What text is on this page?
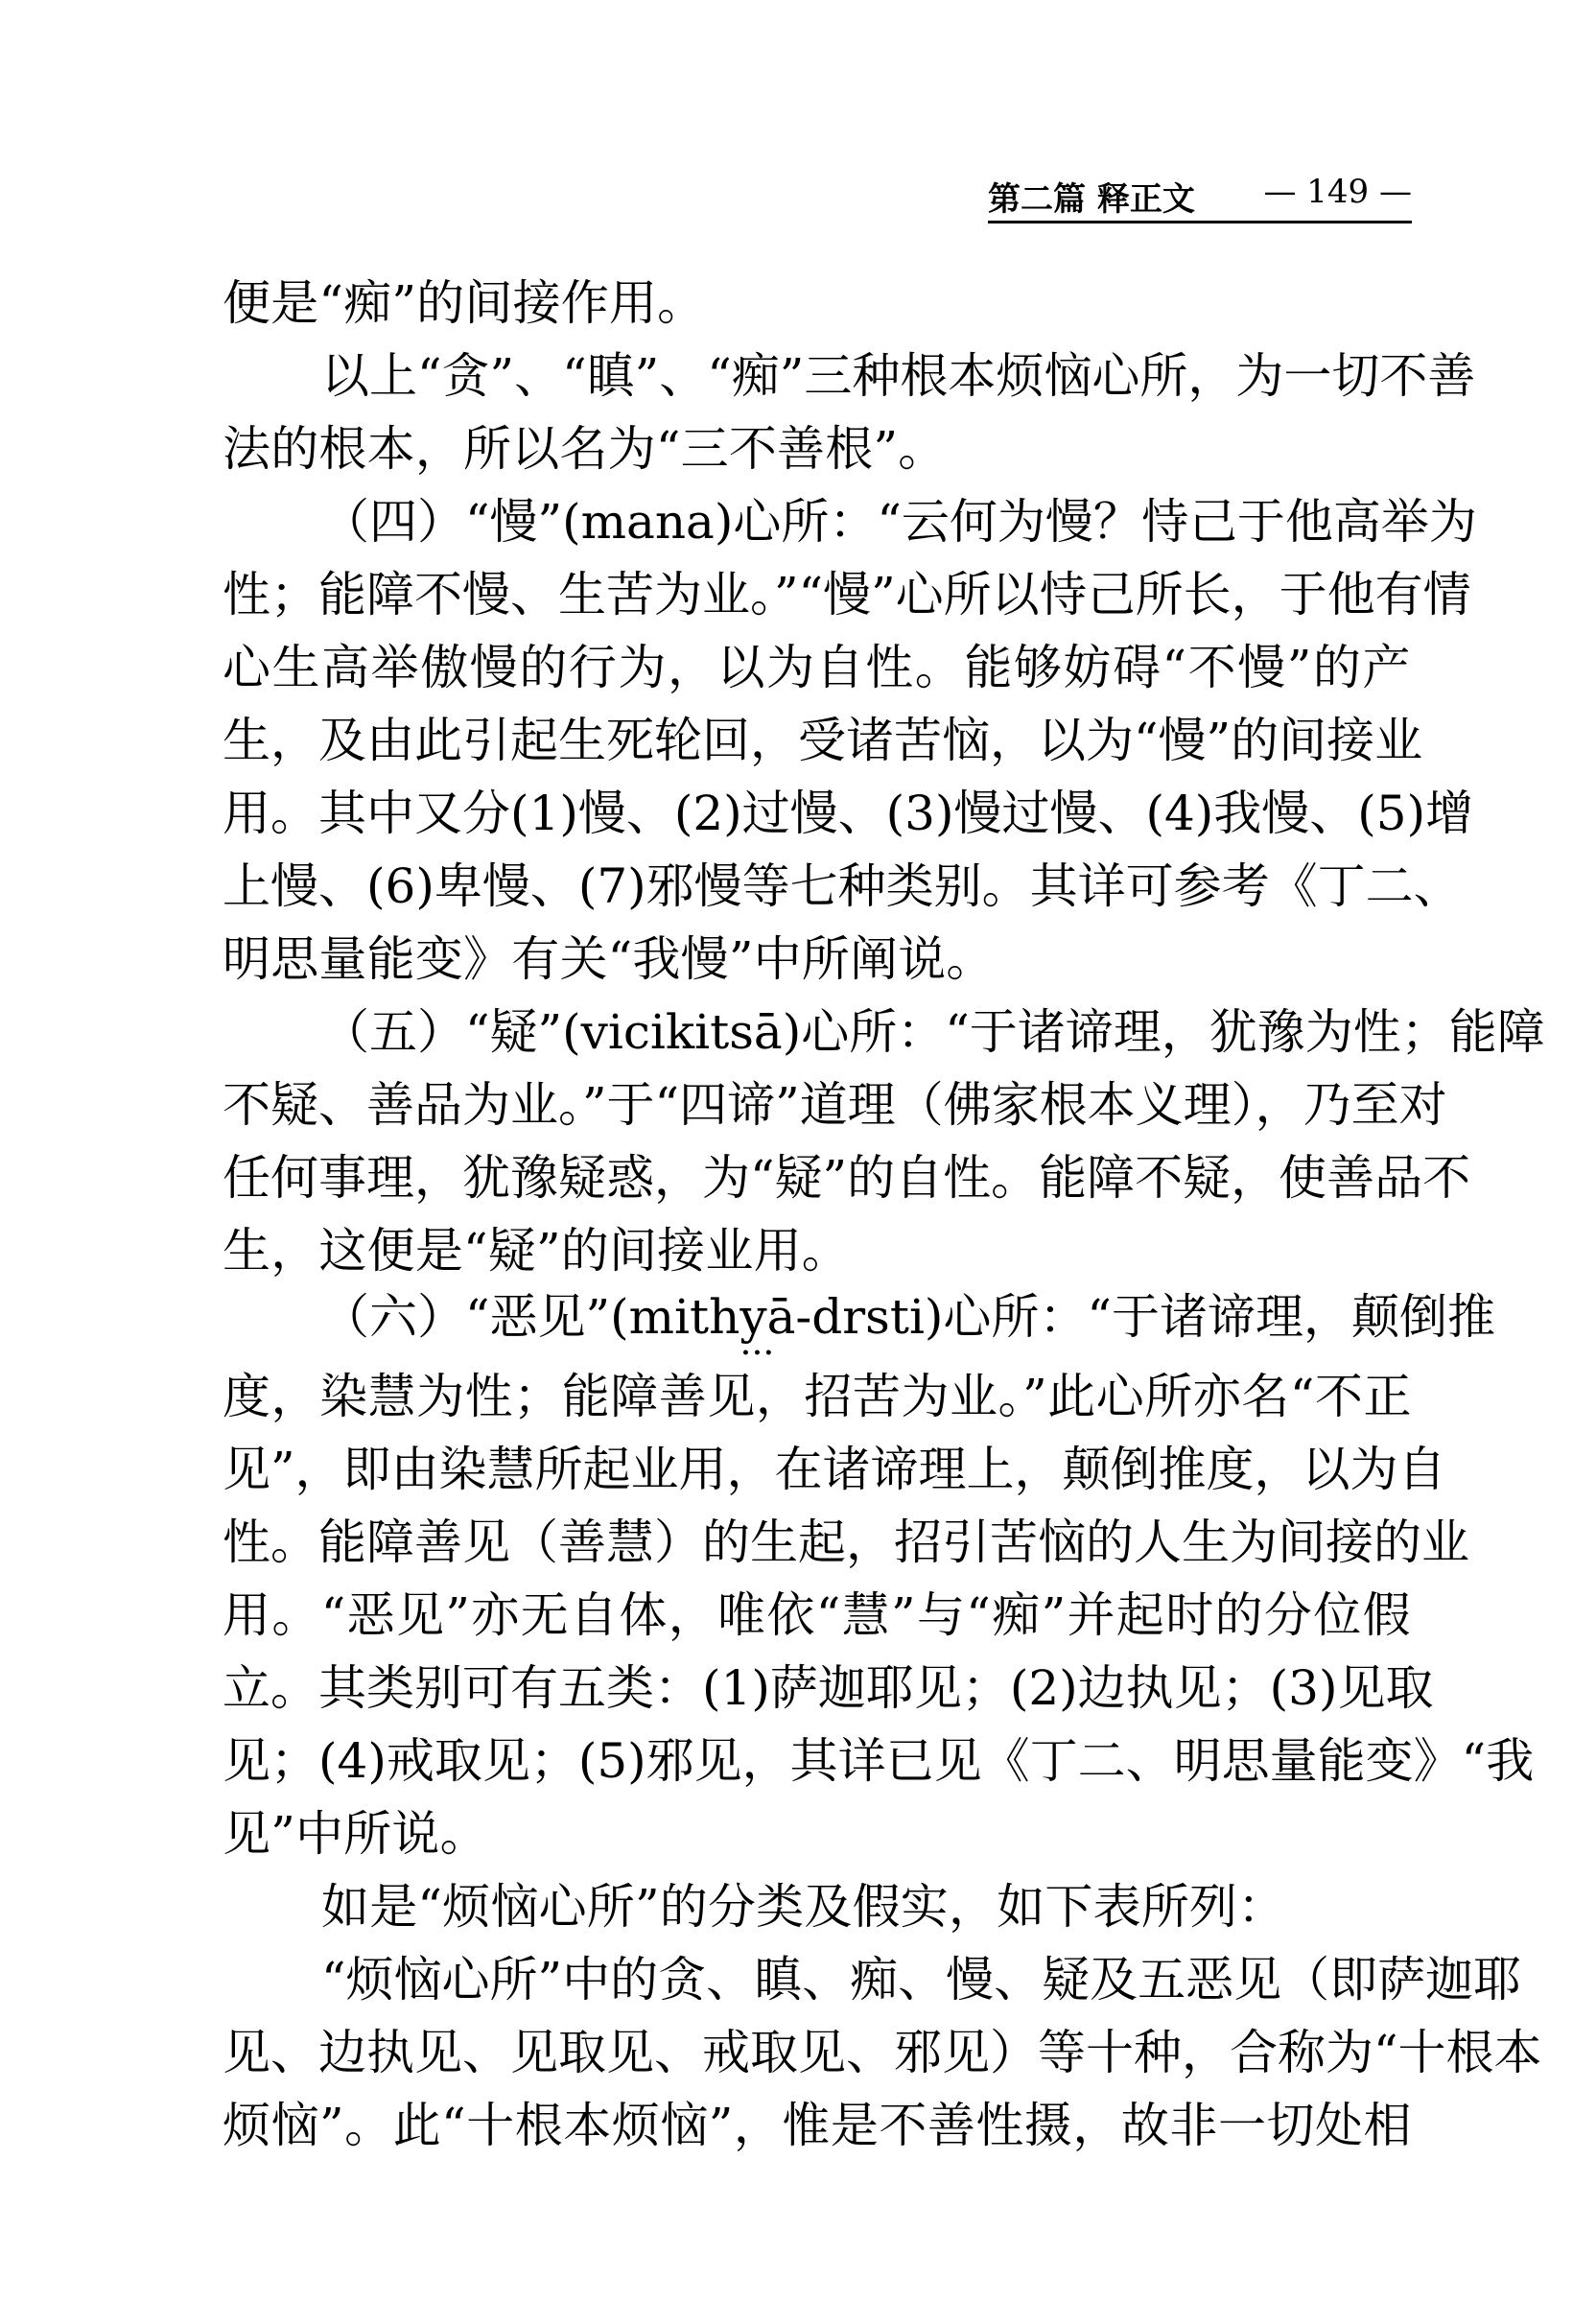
第二篇 释正文 — 149 —
便是“痴”的间接作用。
以上“贪”、“瞋”、“痴”三种根本烦恼心所，为一切不善
法的根本，所以名为“三不善根”。
（四）“慢”(mana)心所：“云何为慢？恃己于他高举为
性；能障不慢、生苦为业。”“慢”心所以恃己所长，于他有情
心生高举傲慢的行为，以为自性。能够妨碍“不慢”的产
生，及由此引起生死轮回，受诸苦恼，以为“慢”的间接业
用。其中又分(1)慢、(2)过慢、(3)慢过慢、(4)我慢、(5)增
上慢、(6)卑慢、(7)邪慢等七种类别。其详可参考《丁二、
明思量能变》有关“我慢”中所阐说。
（五）“疑”(vicikitsā)心所：“于诸谛理，犹豫为性；能障
不疑、善品为业。”于“四谛”道理（佛家根本义理），乃至对
任何事理，犹豫疑惑，为“疑”的自性。能障不疑，使善品不
生，这便是“疑”的间接业用。
（六）“恶见”(mithyā-drsti)心所：“于诸谛理，颠倒推
•••
度，染慧为性；能障善见，招苦为业。”此心所亦名“不正
见”，即由染慧所起业用，在诸谛理上，颠倒推度，以为自
性。能障善见（善慧）的生起，招引苦恼的人生为间接的业
用。“恶见”亦无自体，唯依“慧”与“痴”并起时的分位假
立。其类别可有五类：(1)萨迦耶见；(2)边执见；(3)见取
见；(4)戒取见；(5)邪见，其详已见《丁二、明思量能变》“我
见”中所说。
如是“烦恼心所”的分类及假实，如下表所列：
“烦恼心所”中的贪、瞋、痴、慢、疑及五恶见（即萨迦耶
见、边执见、见取见、戒取见、邪见）等十种，合称为“十根本
烦恼”。此“十根本烦恼”，惟是不善性摄，故非一切处相
